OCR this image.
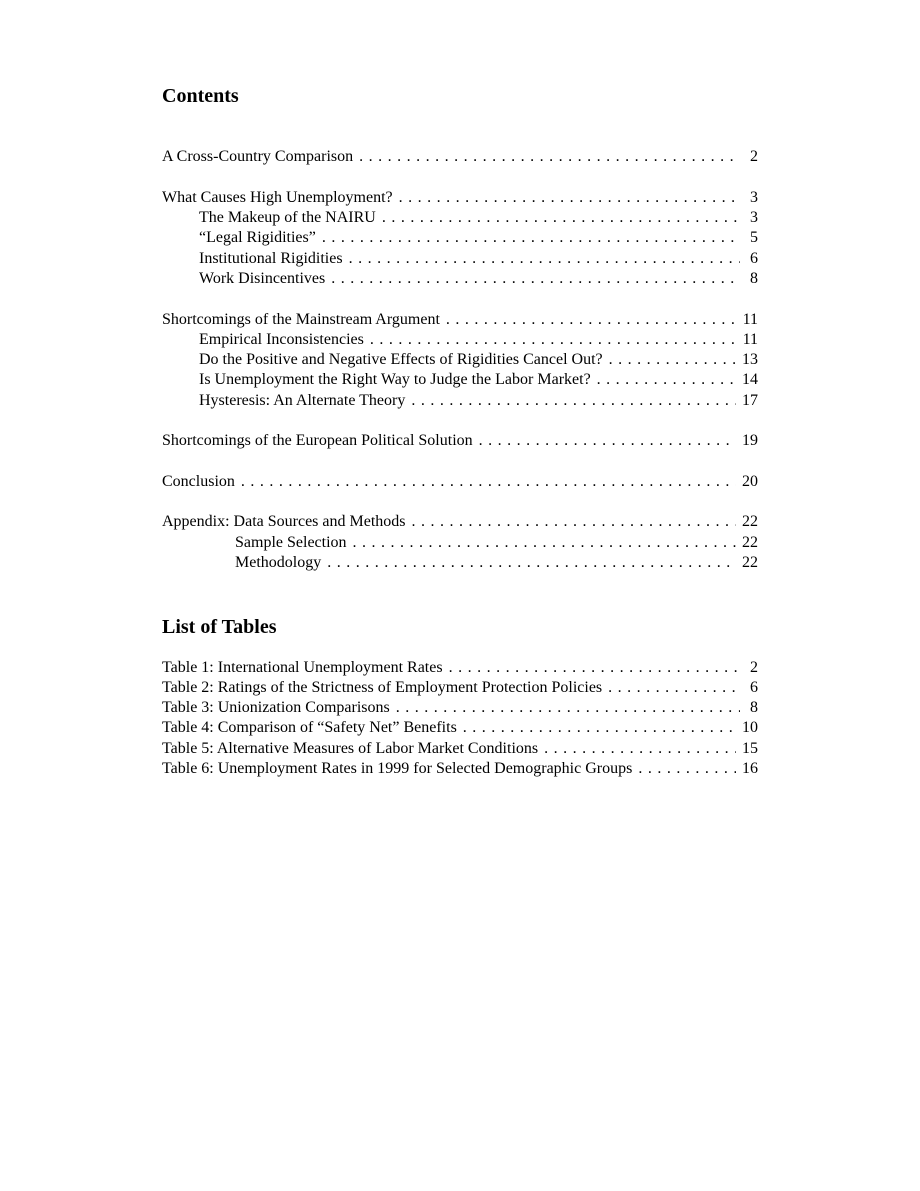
Contents
A Cross-Country Comparison . . .	2
What Causes High Unemployment? . . .	3
The Makeup of the NAIRU . . .	3
“Legal Rigidities” . . .	5
Institutional Rigidities . . .	6
Work Disincentives . . .	8
Shortcomings of the Mainstream Argument . . .	11
Empirical Inconsistencies . . .	11
Do the Positive and Negative Effects of Rigidities Cancel Out? . . .	13
Is Unemployment the Right Way to Judge the Labor Market? . . .	14
Hysteresis: An Alternate Theory . . .	17
Shortcomings of the European Political Solution . . .	19
Conclusion . . .	20
Appendix: Data Sources and Methods . . .	22
Sample Selection . . .	22
Methodology . . .	22
List of Tables
Table 1: International Unemployment Rates . . .	2
Table 2: Ratings of the Strictness of Employment Protection Policies . . .	6
Table 3: Unionization Comparisons . . .	8
Table 4: Comparison of “Safety Net” Benefits . . .	10
Table 5: Alternative Measures of Labor Market Conditions . . .	15
Table 6: Unemployment Rates in 1999 for Selected Demographic Groups . . .	16
